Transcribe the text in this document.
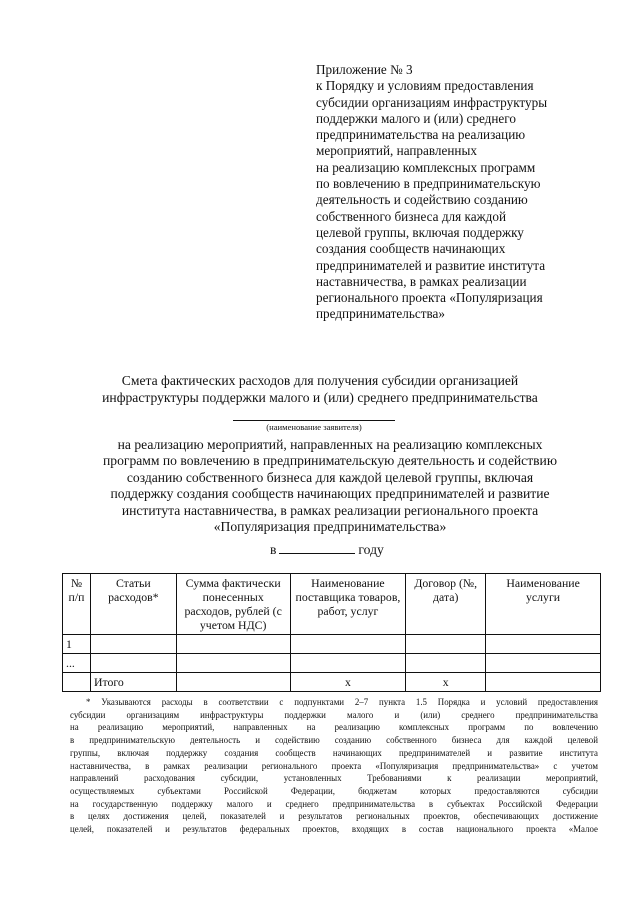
Приложение № 3
к Порядку и условиям предоставления
субсидии организациям инфраструктуры
поддержки малого и (или) среднего
предпринимательства на реализацию
мероприятий, направленных
на реализацию комплексных программ
по вовлечению в предпринимательскую
деятельность и содействию созданию
собственного бизнеса для каждой
целевой группы, включая поддержку
создания сообществ начинающих
предпринимателей и развитие института
наставничества, в рамках реализации
регионального проекта «Популяризация
предпринимательства»
Смета фактических расходов для получения субсидии организацией
инфраструктуры поддержки малого и (или) среднего предпринимательства
(наименование заявителя)
на реализацию мероприятий, направленных на реализацию комплексных
программ по вовлечению в предпринимательскую деятельность и содействию
созданию собственного бизнеса для каждой целевой группы, включая
поддержку создания сообществ начинающих предпринимателей и развитие
института наставничества, в рамках реализации регионального проекта
«Популяризация предпринимательства»
в	году
№ п/п	Статьи расходов*	Сумма фактически понесенных расходов, рублей (с учетом НДС)	Наименование поставщика товаров, работ, услуг	Договор (№, дата)	Наименование услуги
1					
...					
	Итого		x	x	
* Указываются расходы в соответствии с подпунктами 2–7 пункта 1.5 Порядка и условий предоставления
субсидии организациям инфраструктуры поддержки малого и (или) среднего предпринимательства
на реализацию мероприятий, направленных на реализацию комплексных программ по вовлечению
в предпринимательскую деятельность и содействию созданию собственного бизнеса для каждой целевой
группы, включая поддержку создания сообществ начинающих предпринимателей и развитие института
наставничества, в рамках реализации регионального проекта «Популяризация предпринимательства» с учетом
направлений расходования субсидии, установленных Требованиями к реализации мероприятий,
осуществляемых субъектами Российской Федерации, бюджетам которых предоставляются субсидии
на государственную поддержку малого и среднего предпринимательства в субъектах Российской Федерации
в целях достижения целей, показателей и результатов региональных проектов, обеспечивающих достижение
целей, показателей и результатов федеральных проектов, входящих в состав национального проекта «Малое
